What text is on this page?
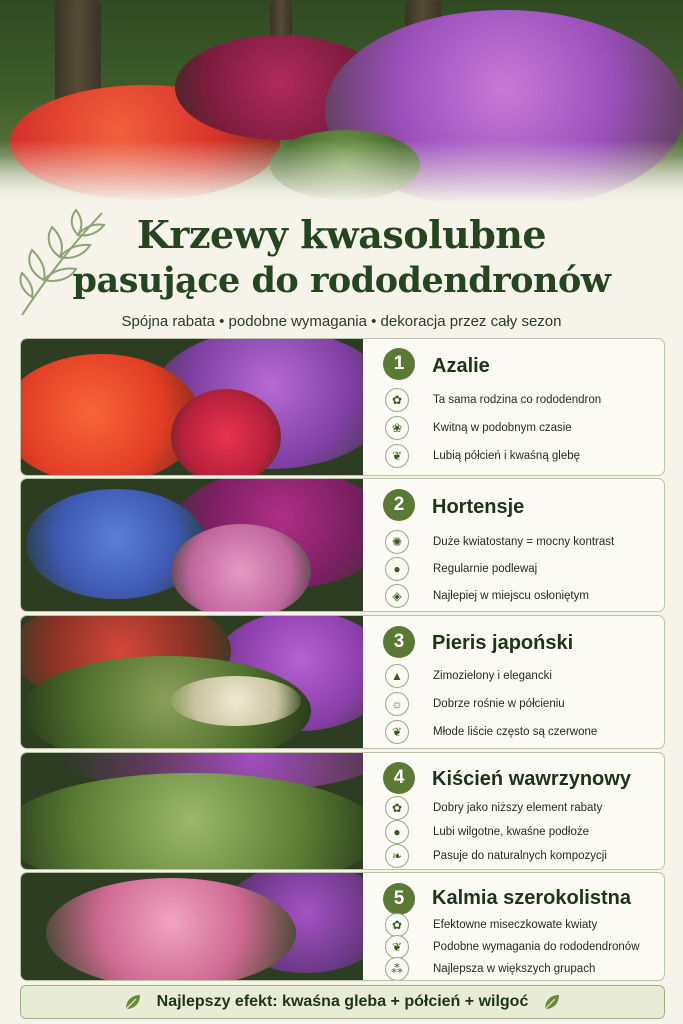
Krzewy kwasolubne
pasujące do rododendronów
Spójna rabata • podobne wymagania • dekoracja przez cały sezon
1	Azalie
✿	Ta sama rodzina co rododendron
❀	Kwitną w podobnym czasie
❦	Lubią półcień i kwaśną glebę
2	Hortensje
✺	Duże kwiatostany = mocny kontrast
●	Regularnie podlewaj
◈	Najlepiej w miejscu osłoniętym
3	Pieris japoński
▲	Zimozielony i elegancki
☼	Dobrze rośnie w półcieniu
❦	Młode liście często są czerwone
4	Kiścień wawrzynowy
✿	Dobry jako niższy element rabaty
●	Lubi wilgotne, kwaśne podłoże
❧	Pasuje do naturalnych kompozycji
5	Kalmia szerokolistna
✿	Efektowne miseczkowate kwiaty
❦	Podobne wymagania do rododendronów
⁂	Najlepsza w większych grupach
Najlepszy efekt: kwaśna gleba + półcień + wilgoć
